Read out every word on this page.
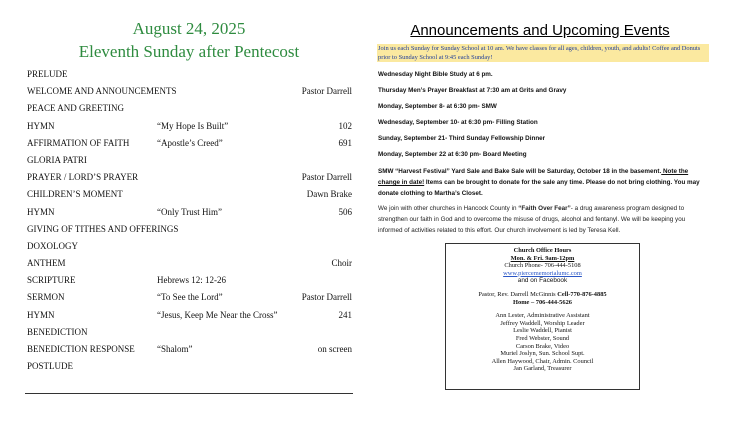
August 24, 2025
Eleventh Sunday after Pentecost
PRELUDE
WELCOME AND ANNOUNCEMENTS	Pastor Darrell
PEACE AND GREETING
HYMN	“My Hope Is Built”	102
AFFIRMATION OF FAITH	“Apostle’s Creed”	691
GLORIA PATRI
PRAYER / LORD’S PRAYER	Pastor Darrell
CHILDREN’S MOMENT	Dawn Brake
HYMN	“Only Trust Him”	506
GIVING OF TITHES AND OFFERINGS
DOXOLOGY
ANTHEM	Choir
SCRIPTURE	Hebrews 12: 12-26
SERMON	“To See the Lord”	Pastor Darrell
HYMN	“Jesus, Keep Me Near the Cross”	241
BENEDICTION
BENEDICTION RESPONSE “Shalom”	on screen
POSTLUDE
Announcements and Upcoming Events
Join us each Sunday for Sunday School at 10 am. We have classes for all ages, children, youth, and adults! Coffee and Donuts prior to Sunday School at 9:45 each Sunday!
Wednesday Night Bible Study at 6 pm.
Thursday Men’s Prayer Breakfast at 7:30 am at Grits and Gravy
Monday, September 8- at 6:30 pm- SMW
Wednesday, September 10- at 6:30 pm- Filling Station
Sunday, September 21- Third Sunday Fellowship Dinner
Monday, September 22 at 6:30 pm- Board Meeting
SMW “Harvest Festival” Yard Sale and Bake Sale will be Saturday, October 18 in the basement. Note the change in date! Items can be brought to donate for the sale any time. Please do not bring clothing. You may donate clothing to Martha’s Closet.
We join with other churches in Hancock County in “Faith Over Fear”- a drug awareness program designed to strengthen our faith in God and to overcome the misuse of drugs, alcohol and fentanyl. We will be keeping you informed of activities related to this effort. Our church involvement is led by Teresa Kell.
Church Office Hours
Mon. & Fri. 9am-12pm
Church Phone- 706-444-5108
www.piercememorialumc.com
and on Facebook
Pastor, Rev. Darrell McGinnis Cell-770-876-4885
Home – 706-444-5626
Ann Lester, Administrative Assistant
Jeffrey Waddell, Worship Leader
Leslie Waddell, Pianist
Fred Webster, Sound
Carson Brake, Video
Muriel Joslyn, Sun. School Supt.
Allen Haywood, Chair, Admin. Council
Jan Garland, Treasurer
